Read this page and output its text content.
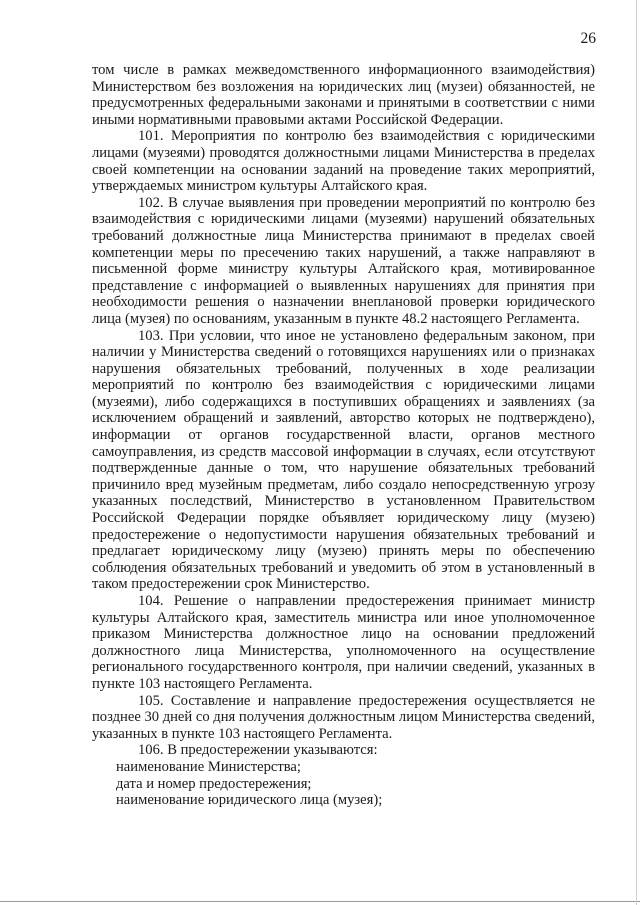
26

том числе в рамках межведомственного информационного взаимодействия) Министерством без возложения на юридических лиц (музеи) обязанностей, не предусмотренных федеральными законами и принятыми в соответствии с ними иными нормативными правовыми актами Российской Федерации.

101. Мероприятия по контролю без взаимодействия с юридическими лицами (музеями) проводятся должностными лицами Министерства в пределах своей компетенции на основании заданий на проведение таких мероприятий, утверждаемых министром культуры Алтайского края.

102. В случае выявления при проведении мероприятий по контролю без взаимодействия с юридическими лицами (музеями) нарушений обязательных требований должностные лица Министерства принимают в пределах своей компетенции меры по пресечению таких нарушений, а также направляют в письменной форме министру культуры Алтайского края, мотивированное представление с информацией о выявленных нарушениях для принятия при необходимости решения о назначении внеплановой проверки юридического лица (музея) по основаниям, указанным в пункте 48.2 настоящего Регламента.

103. При условии, что иное не установлено федеральным законом, при наличии у Министерства сведений о готовящихся нарушениях или о признаках нарушения обязательных требований, полученных в ходе реализации мероприятий по контролю без взаимодействия с юридическими лицами (музеями), либо содержащихся в поступивших обращениях и заявлениях (за исключением обращений и заявлений, авторство которых не подтверждено), информации от органов государственной власти, органов местного самоуправления, из средств массовой информации в случаях, если отсутствуют подтвержденные данные о том, что нарушение обязательных требований причинило вред музейным предметам, либо создало непосредственную угрозу указанных последствий, Министерство в установленном Правительством Российской Федерации порядке объявляет юридическому лицу (музею) предостережение о недопустимости нарушения обязательных требований и предлагает юридическому лицу (музею) принять меры по обеспечению соблюдения обязательных требований и уведомить об этом в установленный в таком предостережении срок Министерство.

104. Решение о направлении предостережения принимает министр культуры Алтайского края, заместитель министра или иное уполномоченное приказом Министерства должностное лицо на основании предложений должностного лица Министерства, уполномоченного на осуществление регионального государственного контроля, при наличии сведений, указанных в пункте 103 настоящего Регламента.

105. Составление и направление предостережения осуществляется не позднее 30 дней со дня получения должностным лицом Министерства сведений, указанных в пункте 103 настоящего Регламента.

106. В предостережении указываются:

наименование Министерства;

дата и номер предостережения;

наименование юридического лица (музея);
